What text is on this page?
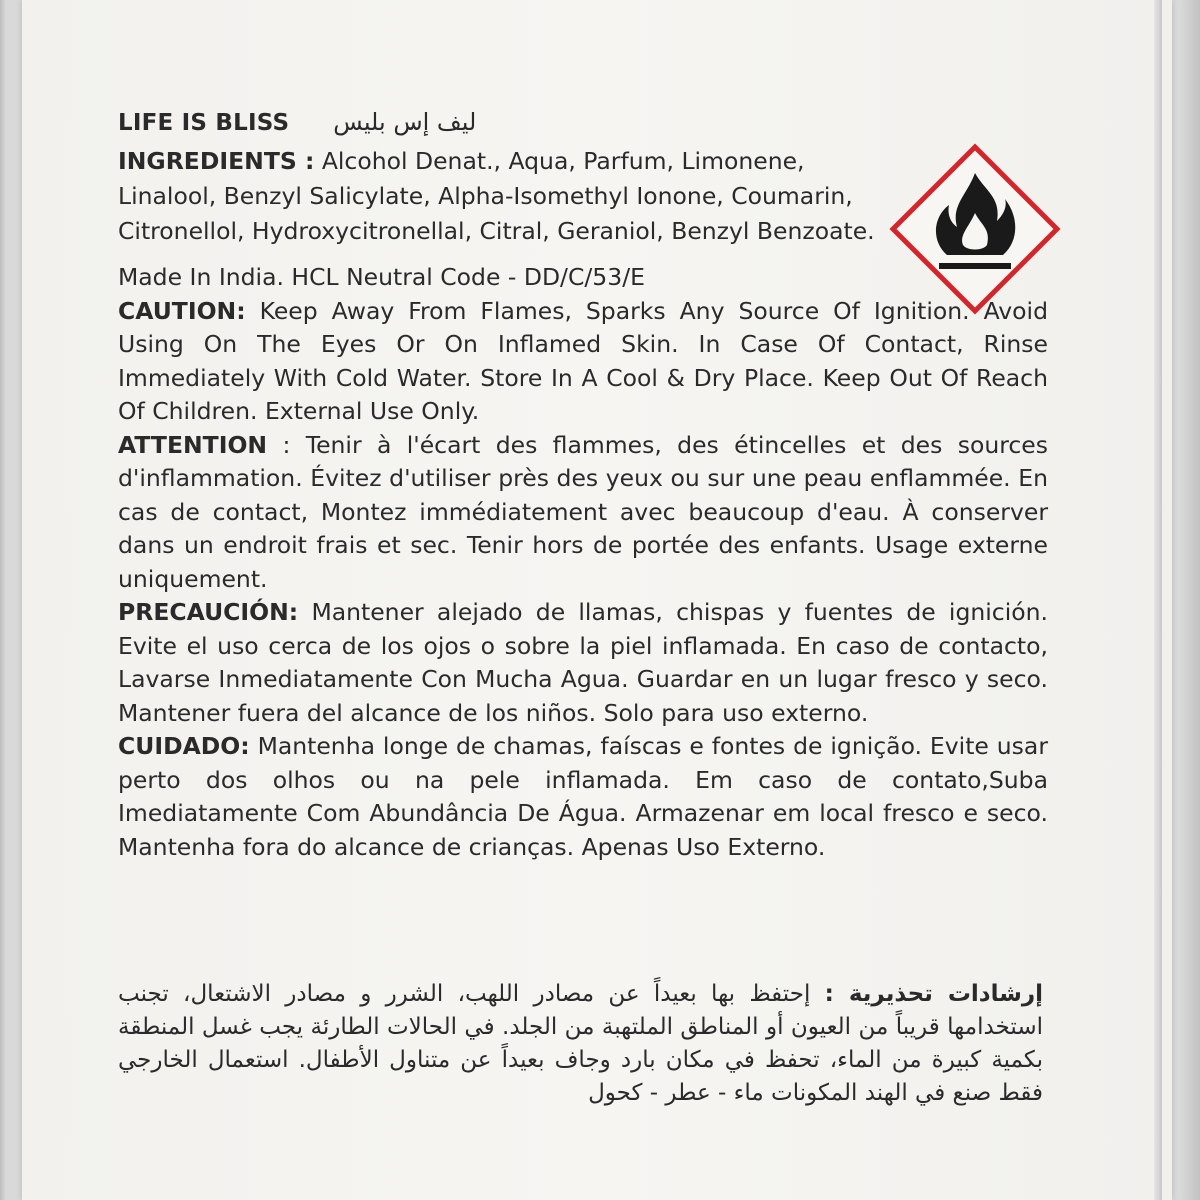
LIFE IS BLISS ليف إس بليس
INGREDIENTS : Alcohol Denat., Aqua, Parfum, Limonene, Linalool, Benzyl Salicylate, Alpha-Isomethyl Ionone, Coumarin, Citronellol, Hydroxycitronellal, Citral, Geraniol, Benzyl Benzoate.

Made In India. HCL Neutral Code - DD/C/53/E

CAUTION: Keep Away From Flames, Sparks Any Source Of Ignition. Avoid Using On The Eyes Or On Inflamed Skin. In Case Of Contact, Rinse Immediately With Cold Water. Store In A Cool & Dry Place. Keep Out Of Reach Of Children. External Use Only.

ATTENTION : Tenir à l'écart des flammes, des étincelles et des sources d'inflammation. Évitez d'utiliser près des yeux ou sur une peau enflammée. En cas de contact, Montez immédiatement avec beaucoup d'eau. À conserver dans un endroit frais et sec. Tenir hors de portée des enfants. Usage externe uniquement.

PRECAUCIÓN: Mantener alejado de llamas, chispas y fuentes de ignición. Evite el uso cerca de los ojos o sobre la piel inflamada. En caso de contacto, Lavarse Inmediatamente Con Mucha Agua. Guardar en un lugar fresco y seco. Mantener fuera del alcance de los niños. Solo para uso externo.

CUIDADO: Mantenha longe de chamas, faíscas e fontes de ignição. Evite usar perto dos olhos ou na pele inflamada. Em caso de contato,Suba Imediatamente Com Abundância De Água. Armazenar em local fresco e seco. Mantenha fora do alcance de crianças. Apenas Uso Externo.

إرشادات تحذيرية : إحتفظ بها بعيداً عن مصادر اللهب، الشرر و مصادر الاشتعال، تجنب استخدامها قريباً من العيون أو المناطق الملتهبة من الجلد. في الحالات الطارئة يجب غسل المنطقة بكمية كبيرة من الماء، تحفظ في مكان بارد وجاف بعيداً عن متناول الأطفال. استعمال الخارجي فقط صنع في الهند المكونات ماء - عطر - كحول
